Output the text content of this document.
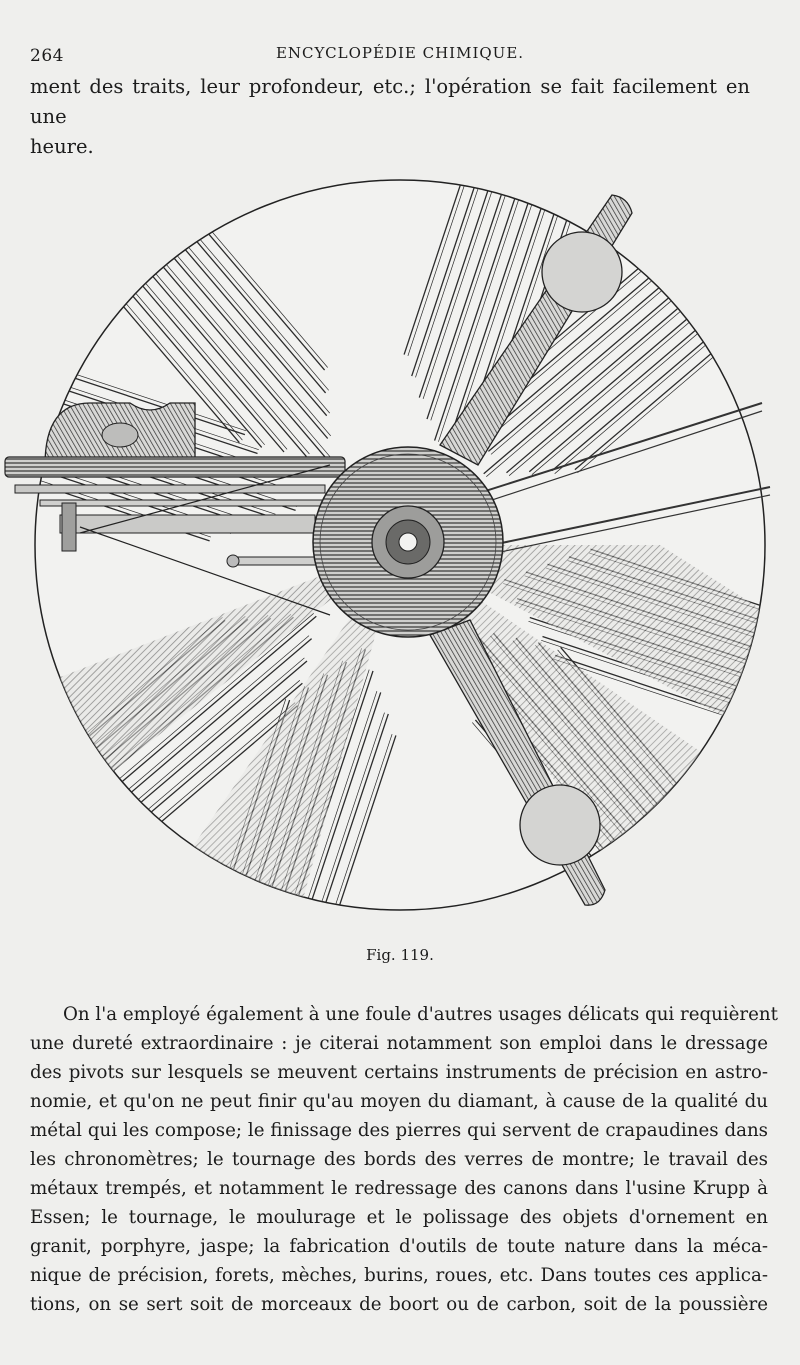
264	ENCYCLOPÉDIE CHIMIQUE.
ment des traits, leur profondeur, etc.; l'opération se fait facilement en une
heure.
Fig. 119.
On l'a employé également à une foule d'autres usages délicats qui requièrent
une dureté extraordinaire : je citerai notamment son emploi dans le dressage
des pivots sur lesquels se meuvent certains instruments de précision en astro-
nomie, et qu'on ne peut finir qu'au moyen du diamant, à cause de la qualité du
métal qui les compose; le finissage des pierres qui servent de crapaudines dans
les chronomètres; le tournage des bords des verres de montre; le travail des
métaux trempés, et notamment le redressage des canons dans l'usine Krupp à
Essen; le tournage, le moulurage et le polissage des objets d'ornement en
granit, porphyre, jaspe; la fabrication d'outils de toute nature dans la méca-
nique de précision, forets, mèches, burins, roues, etc. Dans toutes ces applica-
tions, on se sert soit de morceaux de boort ou de carbon, soit de la poussière
